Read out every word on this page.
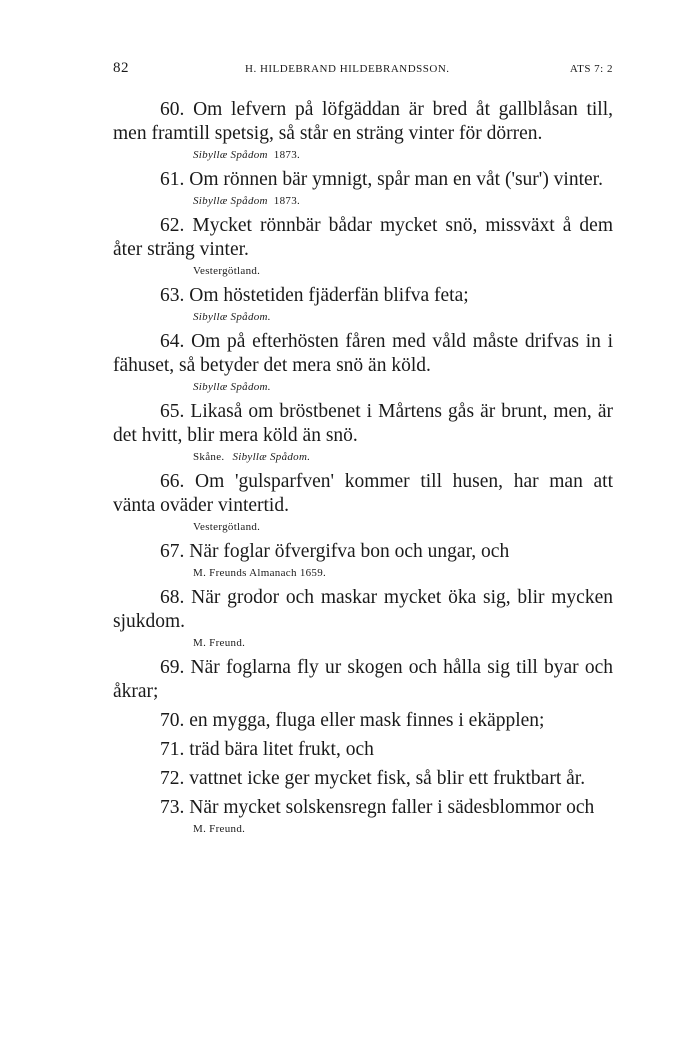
82	H. HILDEBRAND HILDEBRANDSSON.	ATS 7: 2

60. Om lefvern på löfgäddan är bred åt gallblåsan till, men framtill spetsig, så står en sträng vinter för dörren.

Sibyllæ Spådom 1873.

61. Om rönnen bär ymnigt, spår man en våt ('sur') vinter.

Sibyllæ Spådom 1873.

62. Mycket rönnbär bådar mycket snö, missväxt å dem åter sträng vinter.

Vestergötland.

63. Om höstetiden fjäderfän blifva feta;

Sibyllæ Spådom.

64. Om på efterhösten fåren med våld måste drifvas in i fähuset, så betyder det mera snö än köld.

Sibyllæ Spådom.

65. Likaså om bröstbenet i Mårtens gås är brunt, men, är det hvitt, blir mera köld än snö.

Skåne. Sibyllæ Spådom.

66. Om 'gulsparfven' kommer till husen, har man att vänta oväder vintertid.

Vestergötland.

67. När foglar öfvergifva bon och ungar, och

M. Freunds Almanach 1659.

68. När grodor och maskar mycket öka sig, blir mycken sjukdom.

M. Freund.

69. När foglarna fly ur skogen och hålla sig till byar och åkrar;

70. en mygga, fluga eller mask finnes i ekäpplen;

71. träd bära litet frukt, och

72. vattnet icke ger mycket fisk, så blir ett fruktbart år.

73. När mycket solskensregn faller i sädesblommor och

M. Freund.
